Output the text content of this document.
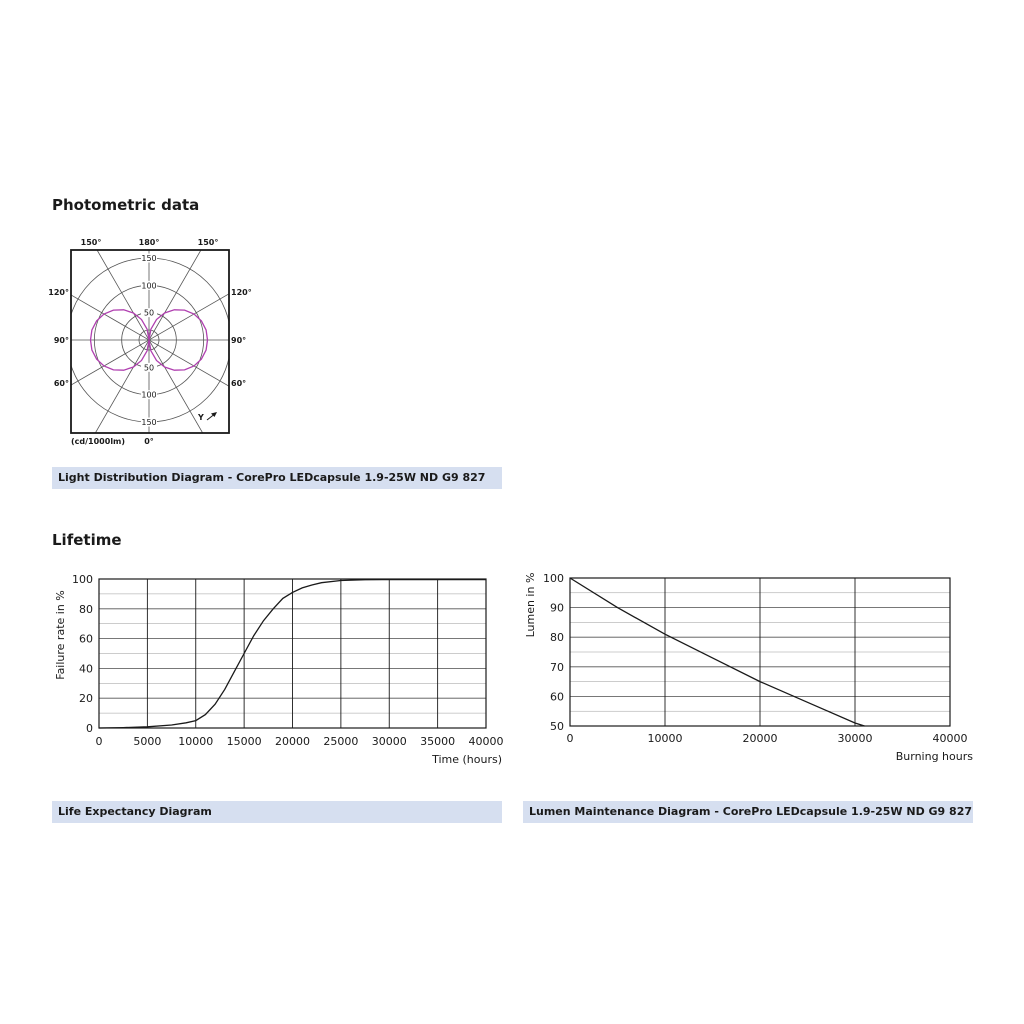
Photometric data
50
50
100
100
150
150
150°	180°	150°
120°
90°
60°
120°
90°
60°
(cd/1000lm) 0°
Y
Light Distribution Diagram - CorePro LEDcapsule 1.9-25W ND G9 827
Lifetime
0
20
40
60
80
100
0	5000 10000 15000 20000 25000 30000 35000 40000
Time (hours)
Failure rate in %
Life Expectancy Diagram
50
60
70
80
90
100
0	10000	20000	30000	40000
Burning hours
Lumen in %
Lumen Maintenance Diagram - CorePro LEDcapsule 1.9-25W ND G9 827
